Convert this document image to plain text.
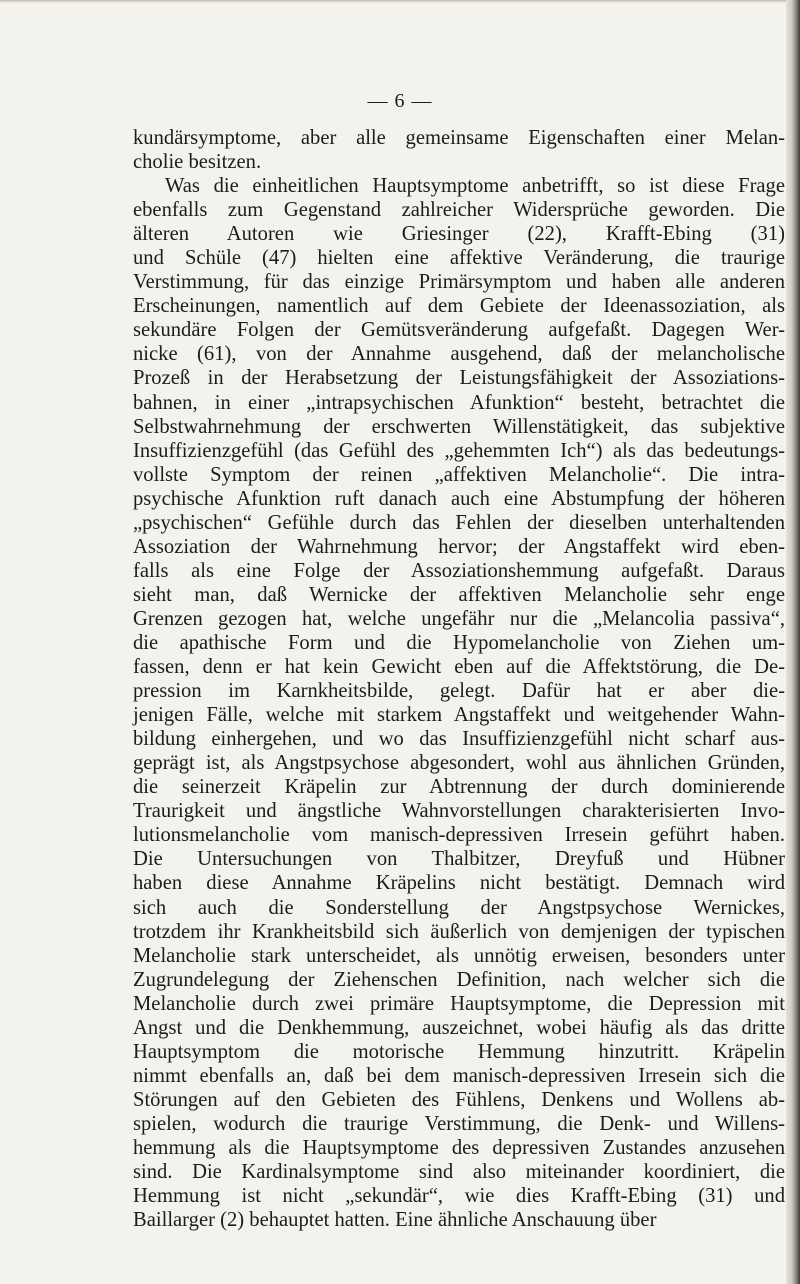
— 6 —
kundärsymptome, aber alle gemeinsame Eigenschaften einer Melan-
cholie besitzen.
Was die einheitlichen Hauptsymptome anbetrifft, so ist diese Frage
ebenfalls zum Gegenstand zahlreicher Widersprüche geworden. Die
älteren Autoren wie Griesinger (22), Krafft-Ebing (31)
und Schüle (47) hielten eine affektive Veränderung, die traurige
Verstimmung, für das einzige Primärsymptom und haben alle anderen
Erscheinungen, namentlich auf dem Gebiete der Ideenassoziation, als
sekundäre Folgen der Gemütsveränderung aufgefaßt. Dagegen Wer-
nicke (61), von der Annahme ausgehend, daß der melancholische
Prozeß in der Herabsetzung der Leistungsfähigkeit der Assoziations-
bahnen, in einer „intrapsychischen Afunktion“ besteht, betrachtet die
Selbstwahrnehmung der erschwerten Willenstätigkeit, das subjektive
Insuffizienzgefühl (das Gefühl des „gehemmten Ich“) als das bedeutungs-
vollste Symptom der reinen „affektiven Melancholie“. Die intra-
psychische Afunktion ruft danach auch eine Abstumpfung der höheren
„psychischen“ Gefühle durch das Fehlen der dieselben unterhaltenden
Assoziation der Wahrnehmung hervor; der Angstaffekt wird eben-
falls als eine Folge der Assoziationshemmung aufgefaßt. Daraus
sieht man, daß Wernicke der affektiven Melancholie sehr enge
Grenzen gezogen hat, welche ungefähr nur die „Melancolia passiva“,
die apathische Form und die Hypomelancholie von Ziehen um-
fassen, denn er hat kein Gewicht eben auf die Affektstörung, die De-
pression im Karnkheitsbilde, gelegt. Dafür hat er aber die-
jenigen Fälle, welche mit starkem Angstaffekt und weitgehender Wahn-
bildung einhergehen, und wo das Insuffizienzgefühl nicht scharf aus-
geprägt ist, als Angstpsychose abgesondert, wohl aus ähnlichen Gründen,
die seinerzeit Kräpelin zur Abtrennung der durch dominierende
Traurigkeit und ängstliche Wahnvorstellungen charakterisierten Invo-
lutionsmelancholie vom manisch-depressiven Irresein geführt haben.
Die Untersuchungen von Thalbitzer, Dreyfuß und Hübner
haben diese Annahme Kräpelins nicht bestätigt. Demnach wird
sich auch die Sonderstellung der Angstpsychose Wernickes,
trotzdem ihr Krankheitsbild sich äußerlich von demjenigen der typischen
Melancholie stark unterscheidet, als unnötig erweisen, besonders unter
Zugrundelegung der Ziehenschen Definition, nach welcher sich die
Melancholie durch zwei primäre Hauptsymptome, die Depression mit
Angst und die Denkhemmung, auszeichnet, wobei häufig als das dritte
Hauptsymptom die motorische Hemmung hinzutritt. Kräpelin
nimmt ebenfalls an, daß bei dem manisch-depressiven Irresein sich die
Störungen auf den Gebieten des Fühlens, Denkens und Wollens ab-
spielen, wodurch die traurige Verstimmung, die Denk- und Willens-
hemmung als die Hauptsymptome des depressiven Zustandes anzusehen
sind. Die Kardinalsymptome sind also miteinander koordiniert, die
Hemmung ist nicht „sekundär“, wie dies Krafft-Ebing (31) und
Baillarger (2) behauptet hatten. Eine ähnliche Anschauung über
